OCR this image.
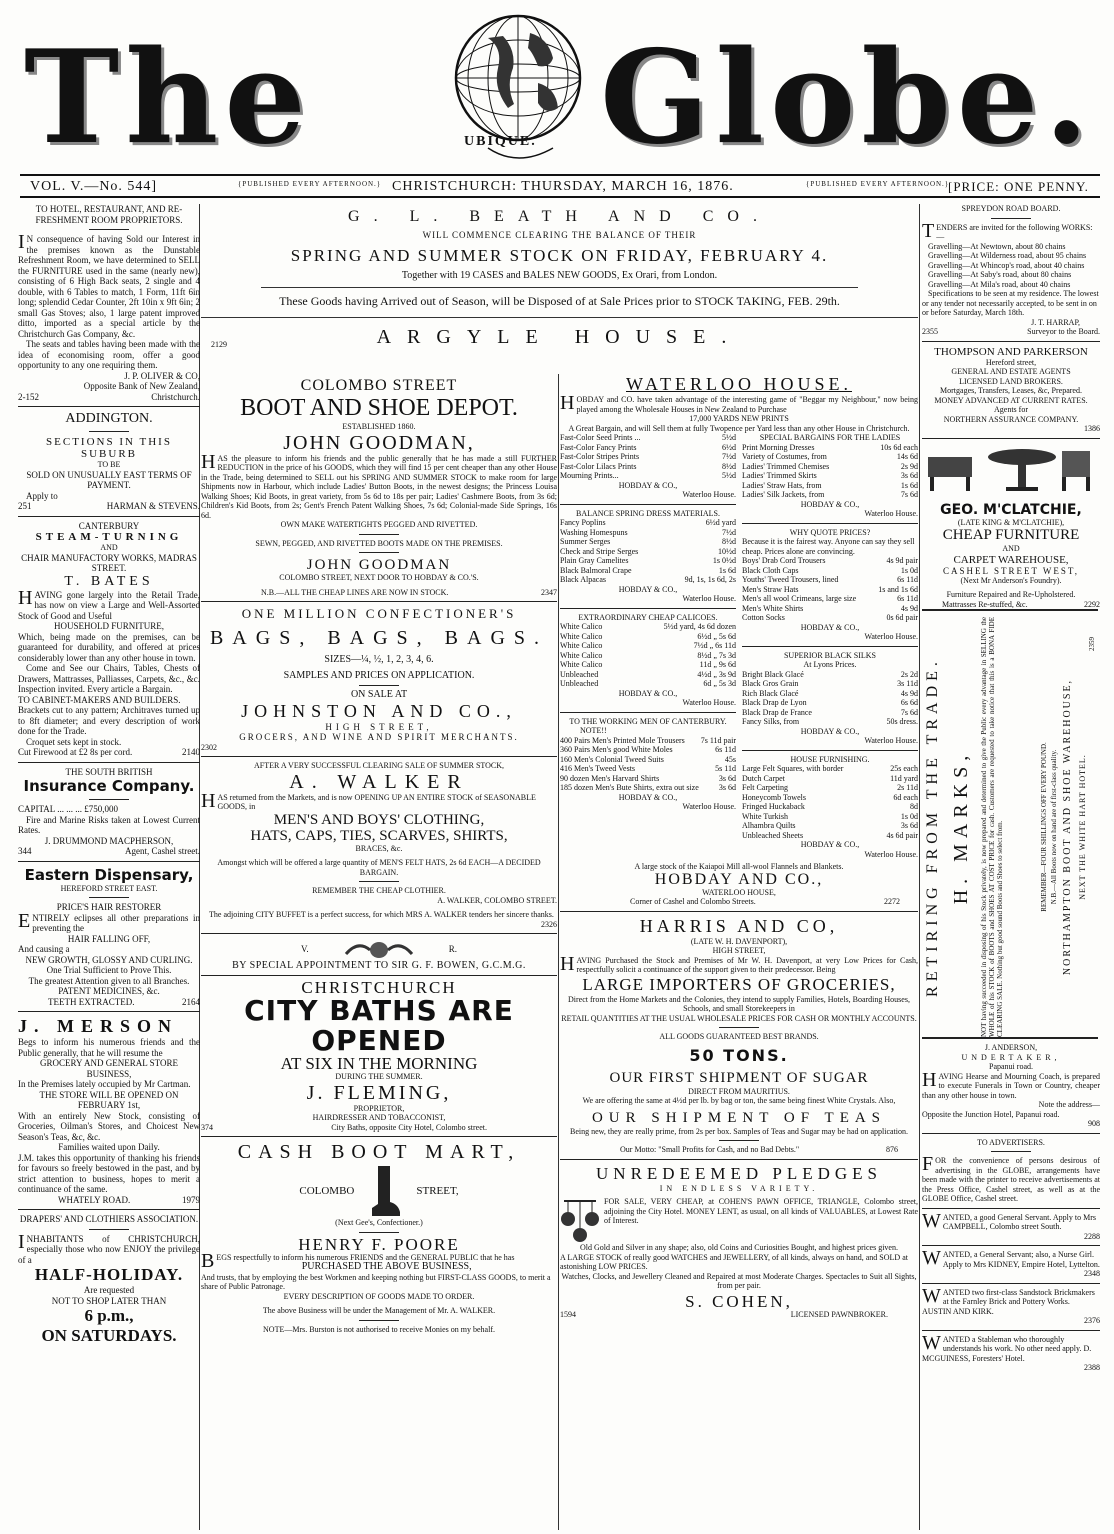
The	UBIQUE. Globe.
VOL. V.—No. 544]	{PUBLISHED EVERY AFTERNOON.} CHRISTCHURCH: THURSDAY, MARCH 16, 1876.	{PUBLISHED EVERY AFTERNOON.}
[PRICE: ONE PENNY.
TO HOTEL, RESTAURANT, AND RE-FRESHMENT ROOM PROPRIETORS.
IN consequence of having Sold our Interest in the premises known as the Dunstable Refreshment Room, we have determined to SELL the FURNITURE used in the same (nearly new), consisting of 6 High Back seats, 2 single and 4 double, with 6 Tables to match, 1 Form, 11ft 6in long; splendid Cedar Counter, 2ft 10in x 9ft 6in; 2 small Gas Stoves; also, 1 large patent improved ditto, imported as a special article by the Christchurch Gas Company, &c.
The seats and tables having been made with the idea of economising room, offer a good opportunity to any one requiring them.
J. P. OLIVER & CO,
Opposite Bank of New Zealand,
2-152	Christchurch.
ADDINGTON.
SECTIONS IN THIS SUBURB
TO BE
SOLD ON UNUSUALLY EAST TERMS OF PAYMENT.
Apply to
251	HARMAN & STEVENS.
CANTERBURY
STEAM-TURNING
AND
CHAIR MANUFACTORY WORKS, MADRAS STREET.
T. BATES
HAVING gone largely into the Retail Trade, has now on view a Large and Well-Assorted Stock of Good and Useful
HOUSEHOLD FURNITURE,
Which, being made on the premises, can be guaranteed for durability, and offered at prices considerably lower than any other house in town.
Come and See our Chairs, Tables, Chests of Drawers, Mattrasses, Palliasses, Carpets, &c., &c. Inspection invited. Every article a Bargain.
TO CABINET-MAKERS AND BUILDERS.
Brackets cut to any pattern; Architraves turned up to 8ft diameter; and every description of work done for the Trade.
Croquet sets kept in stock.
Cut Firewood at £2 8s per cord.	2140
THE SOUTH BRITISH
Insurance Company.
CAPITAL ... ... ... £750,000
Fire and Marine Risks taken at Lowest Current Rates.
J. DRUMMOND MACPHERSON,
344	Agent, Cashel street.
Eastern Dispensary,
HEREFORD STREET EAST.
PRICE'S HAIR RESTORER
ENTIRELY eclipses all other preparations in preventing the
HAIR FALLING OFF,
And causing a
NEW GROWTH, GLOSSY AND CURLING.
One Trial Sufficient to Prove This.
The greatest Attention given to all Branches.
PATENT MEDICINES, &c.
TEETH EXTRACTED.	2164
J. MERSON
Begs to inform his numerous friends and the Public generally, that he will resume the
GROCERY AND GENERAL STORE BUSINESS,
In the Premises lately occupied by Mr Cartman.
THE STORE WILL BE OPENED ON FEBRUARY 1st,
With an entirely New Stock, consisting of Groceries, Oilman's Stores, and Choicest New Season's Teas, &c, &c.
Families waited upon Daily.
J.M. takes this opportunity of thanking his friends for favours so freely bestowed in the past, and by strict attention to business, hopes to merit a continuance of the same.
WHATELY ROAD.	1979
DRAPERS' AND CLOTHIERS ASSOCIATION.
INHABITANTS of CHRISTCHURCH, especially those who now ENJOY the privilege of a
HALF-HOLIDAY.
Are requested
NOT TO SHOP LATER THAN
6 p.m.,
ON SATURDAYS.
G. L. BEATH AND CO.
WILL COMMENCE CLEARING THE BALANCE OF THEIR
SPRING AND SUMMER STOCK ON FRIDAY, FEBRUARY 4.
Together with 19 CASES and BALES NEW GOODS, Ex Orari, from London.
These Goods having Arrived out of Season, will be Disposed of at Sale Prices prior to STOCK TAKING, FEB. 29th.
2129	ARGYLE HOUSE.
COLOMBO STREET
BOOT AND SHOE DEPOT.
ESTABLISHED 1860.
JOHN GOODMAN,
HAS the pleasure to inform his friends and the public generally that he has made a still FURTHER REDUCTION in the price of his GOODS, which they will find 15 per cent cheaper than any other House in the Trade, being determined to SELL out his SPRING AND SUMMER STOCK to make room for large Shipments now in Harbour, which include Ladies' Button Boots, in the newest designs; the Princess Louisa Walking Shoes; Kid Boots, in great variety, from 5s 6d to 18s per pair; Ladies' Cashmere Boots, from 3s 6d; Children's Kid Boots, from 2s; Gent's French Patent Walking Shoes, 7s 6d; Colonial-made Side Springs, 16s 6d.
OWN MAKE WATERTIGHTS PEGGED AND RIVETTED.
SEWN, PEGGED, AND RIVETTED BOOTS MADE ON THE PREMISES.
JOHN GOODMAN
COLOMBO STREET, NEXT DOOR TO HOBDAY & CO.'S.
N.B.—ALL THE CHEAP LINES ARE NOW IN STOCK.	2347
ONE MILLION CONFECTIONER'S
BAGS, BAGS, BAGS.
SIZES—¼, ½, 1, 2, 3, 4, 6.
SAMPLES AND PRICES ON APPLICATION.
ON SALE AT
JOHNSTON AND CO.,
HIGH STREET,
GROCERS, AND WINE AND SPIRIT MERCHANTS.
2302
AFTER A VERY SUCCESSFUL CLEARING SALE OF SUMMER STOCK,
A. WALKER
HAS returned from the Markets, and is now OPENING UP AN ENTIRE STOCK of SEASONABLE GOODS, in
MEN'S AND BOYS' CLOTHING,
HATS, CAPS, TIES, SCARVES, SHIRTS,
BRACES, &c.
Amongst which will be offered a large quantity of MEN'S FELT HATS, 2s 6d EACH—A DECIDED BARGAIN.
REMEMBER THE CHEAP CLOTHIER.
A. WALKER, COLOMBO STREET.
The adjoining CITY BUFFET is a perfect success, for which MRS A. WALKER tenders her sincere thanks.
2326
V.	R.
BY SPECIAL APPOINTMENT TO SIR G. F. BOWEN, G.C.M.G.
CHRISTCHURCH
CITY BATHS ARE OPENED
AT SIX IN THE MORNING
DURING THE SUMMER.
J. FLEMING,
PROPRIETOR,
HAIRDRESSER AND TOBACCONIST,
374	City Baths, opposite City Hotel, Colombo street.
CASH BOOT MART,
COLOMBO	STREET,
(Next Gee's, Confectioner.)
HENRY F. POORE
BEGS respectfully to inform his numerous FRIENDS and the GENERAL PUBLIC that he has
PURCHASED THE ABOVE BUSINESS,
And trusts, that by employing the best Workmen and keeping nothing but FIRST-CLASS GOODS, to merit a share of Public Patronage.
EVERY DESCRIPTION OF GOODS MADE TO ORDER.
The above Business will be under the Management of Mr. A. WALKER.
NOTE—Mrs. Burston is not authorised to receive Monies on my behalf.
WATERLOO HOUSE.
HOBDAY and CO. have taken advantage of the interesting game of "Beggar my Neighbour," now being played among the Wholesale Houses in New Zealand to Purchase
17,000 YARDS NEW PRINTS
A Great Bargain, and will Sell them at fully Twopence per Yard less than any other House in Christchurch.
Fast-Color Seed Prints ...	5½d
Fast-Color Fancy Prints	6½d
Fast-Color Stripes Prints	7½d
Fast-Color Lilacs Prints	8½d
Mourning Prints...	5½d
HOBDAY & CO.,
Waterloo House.
BALANCE SPRING DRESS MATERIALS.
Fancy Poplins	6½d yard
Washing Homespuns	7½d
Summer Serges	8½d
Check and Stripe Serges	10½d
Plain Gray Camelites	1s 0½d
Black Balmoral Crape	1s 6d
Black Alpacas	9d, 1s, 1s 6d, 2s
HOBDAY & CO.,
Waterloo House.
EXTRAORDINARY CHEAP CALICOES.
White Calico	5½d yard, 4s 6d dozen
White Calico	6½d „ 5s 6d
White Calico	7½d „ 6s 11d
White Calico	8½d „ 7s 3d
White Calico	11d „ 9s 6d
Unbleached	4½d „ 3s 9d
Unbleached	6d „ 5s 3d
HOBDAY & CO.,
Waterloo House.
TO THE WORKING MEN OF CANTERBURY.
NOTE!!
400 Pairs Men's Printed Mole Trousers	7s 11d pair
360 Pairs Men's good White Moles	6s 11d
160 Men's Colonial Tweed Suits	45s
416 Men's Tweed Vests	5s 11d
90 dozen Men's Harvard Shirts	3s 6d
185 dozen Men's Bute Shirts, extra out size	3s 6d
HOBDAY & CO.,
Waterloo House.
SPECIAL BARGAINS FOR THE LADIES
Print Morning Dresses	10s 6d each
Variety of Costumes, from	14s 6d
Ladies' Trimmed Chemises	2s 9d
Ladies' Trimmed Skirts	3s 6d
Ladies' Straw Hats, from	1s 6d
Ladies' Silk Jackets, from	7s 6d
HOBDAY & CO.,
Waterloo House.
WHY QUOTE PRICES?
Because it is the fairest way. Anyone can say they sell cheap. Prices alone are convincing.
Boys' Drab Cord Trousers	4s 9d pair
Black Cloth Caps	1s 0d
Youths' Tweed Trousers, lined	6s 11d
Men's Straw Hats	1s and 1s 6d
Men's all wool Crimeans, large size	6s 11d
Men's White Shirts	4s 9d
Cotton Socks	0s 6d pair
HOBDAY & CO.,
Waterloo House.
SUPERIOR BLACK SILKS
At Lyons Prices.
Bright Black Glacé	2s 2d
Black Gros Grain	3s 11d
Rich Black Glacé	4s 9d
Black Drap de Lyon	6s 6d
Black Drap de France	7s 6d
Fancy Silks, from	50s dress.
HOBDAY & CO.,
Waterloo House.
HOUSE FURNISHING.
Large Felt Squares, with border	25s each
Dutch Carpet	11d yard
Felt Carpeting	2s 11d
Honeycomb Towels	6d each
Fringed Huckaback	8d
White Turkish	1s 0d
Alhambra Quilts	3s 6d
Unbleached Sheets	4s 6d pair
HOBDAY & CO.,
Waterloo House.
A large stock of the Kaiapoi Mill all-wool Flannels and Blankets.
HOBDAY AND CO.,
WATERLOO HOUSE,
Corner of Cashel and Colombo Streets.	2272
HARRIS AND CO,
(LATE W. H. DAVENPORT),
HIGH STREET,
HAVING Purchased the Stock and Premises of Mr W. H. Davenport, at very Low Prices for Cash, respectfully solicit a continuance of the support given to their predecessor. Being
LARGE IMPORTERS OF GROCERIES,
Direct from the Home Markets and the Colonies, they intend to supply Families, Hotels, Boarding Houses, Schools, and small Storekeepers in
RETAIL QUANTITIES AT THE USUAL WHOLESALE PRICES FOR CASH OR MONTHLY ACCOUNTS.
ALL GOODS GUARANTEED BEST BRANDS.
50 TONS.
OUR FIRST SHIPMENT OF SUGAR
DIRECT FROM MAURITIUS.
We are offering the same at 4½d per lb. by bag or ton, the same being finest White Crystals. Also,
OUR SHIPMENT OF TEAS
Being new, they are really prime, from 2s per box. Samples of Teas and Sugar may be had on application.
Our Motto: "Small Profits for Cash, and no Bad Debts."	876
UNREDEEMED PLEDGES
IN ENDLESS VARIETY.
FOR SALE, VERY CHEAP, at COHEN'S PAWN OFFICE, TRIANGLE, Colombo street, adjoining the City Hotel. MONEY LENT, as usual, on all kinds of VALUABLES, at Lowest Rate of Interest.
Old Gold and Silver in any shape; also, old Coins and Curiosities Bought, and highest prices given.
A LARGE STOCK of really good WATCHES and JEWELLERY, of all kinds, always on hand, and SOLD at astonishing LOW PRICES.
Watches, Clocks, and Jewellery Cleaned and Repaired at most Moderate Charges. Spectacles to Suit all Sights, from per pair.
S. COHEN,
1594	LICENSED PAWNBROKER.
SPREYDON ROAD BOARD.
TENDERS are invited for the following WORKS:—
Gravelling—At Newtown, about 80 chains
Gravelling—At Wilderness road, about 95 chains
Gravelling—At Whincop's road, about 40 chains
Gravelling—At Saby's road, about 80 chains
Gravelling—At Mila's road, about 40 chains
Specifications to be seen at my residence. The lowest or any tender not necessarily accepted, to be sent in on or before Saturday, March 18th.
J. T. HARRAP,
2355	Surveyor to the Board.
THOMPSON AND PARKERSON
Hereford street,
GENERAL AND ESTATE AGENTS
LICENSED LAND BROKERS.
Mortgages, Transfers, Leases, &c, Prepared.
MONEY ADVANCED AT CURRENT RATES.
Agents for
NORTHERN ASSURANCE COMPANY.
1386
GEO. M'CLATCHIE,
(LATE KING & M'CLATCHIE),
CHEAP FURNITURE
AND
CARPET WAREHOUSE,
CASHEL STREET WEST,
(Next Mr Anderson's Foundry).
Furniture Repaired and Re-Upholstered.
Mattrasses Re-stuffed, &c.	2292
RETIRING FROM THE TRADE. H. MARKS, NOT having succeeded in disposing of his Stock privately, is now prepared and determined to give the Public every advantage in SELLING the WHOLE of his STOCK of BOOTS and SHOES AT COST PRICE for cash. Customers are requested to take notice that this is a BONA FIDE CLEARING SALE. Nothing but good sound Boots and Shoes to select from.	REMEMBER—FOUR SHILLINGS OFF EVERY POUND. N.B.—All Boots now on hand are of first-class quality. NORTHAMPTON BOOT AND SHOE WAREHOUSE, NEXT THE WHITE HART HOTEL.
2359
J. ANDERSON,
UNDERTAKER,
Papanui road.
HAVING Hearse and Mourning Coach, is prepared to execute Funerals in Town or Country, cheaper than any other house in town.
Note the address—
Opposite the Junction Hotel, Papanui road.
908
TO ADVERTISERS.
FOR the convenience of persons desirous of advertising in the GLOBE, arrangements have been made with the printer to receive advertisements at the Press Office, Cashel street, as well as at the GLOBE Office, Cashel street.
WANTED, a good General Servant. Apply to Mrs CAMPBELL, Colombo street South.
2288
WANTED, a General Servant; also, a Nurse Girl. Apply to Mrs KIDNEY, Empire Hotel, Lyttelton.
2348
WANTED two first-class Sandstock Brickmakers at the Farnley Brick and Pottery Works. AUSTIN AND KIRK.
2376
WANTED a Stableman who thoroughly understands his work. No other need apply. D. MCGUINESS, Foresters' Hotel.
2388
